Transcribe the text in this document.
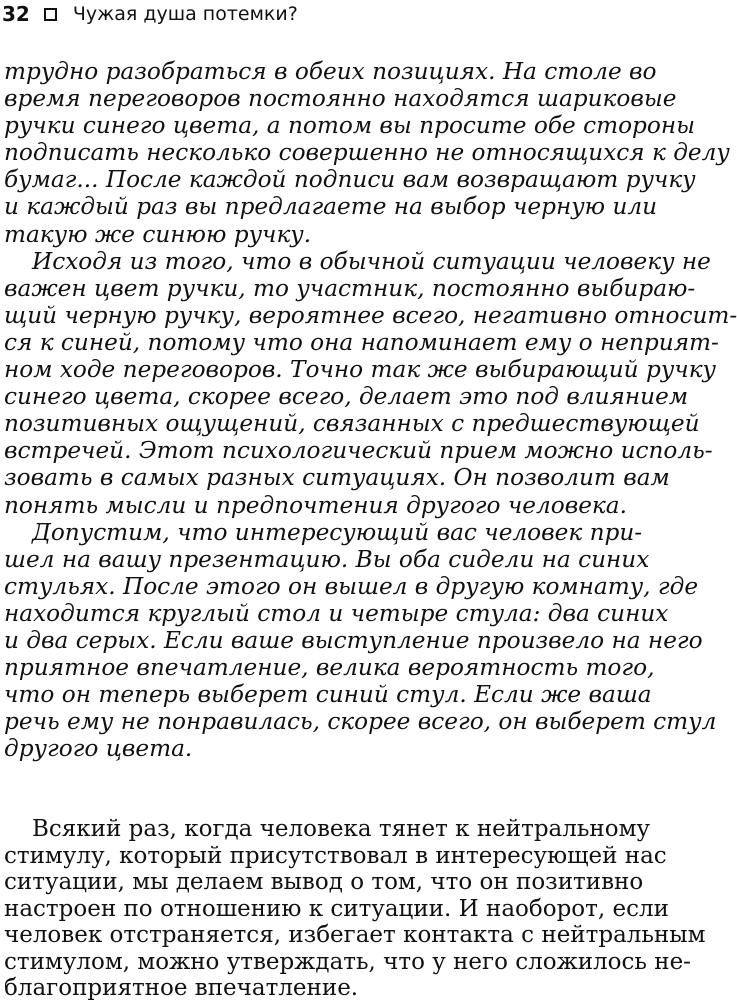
32 Чужая душа потемки?
трудно разобраться в обеих позициях. На столе во
время переговоров постоянно находятся шариковые
ручки синего цвета, а потом вы просите обе стороны
подписать несколько совершенно не относящихся к делу
бумаг... После каждой подписи вам возвращают ручку
и каждый раз вы предлагаете на выбор черную или
такую же синюю ручку.
Исходя из того, что в обычной ситуации человеку не
важен цвет ручки, то участник, постоянно выбираю-
щий черную ручку, вероятнее всего, негативно относит-
ся к синей, потому что она напоминает ему о неприят-
ном ходе переговоров. Точно так же выбирающий ручку
синего цвета, скорее всего, делает это под влиянием
позитивных ощущений, связанных с предшествующей
встречей. Этот психологический прием можно исполь-
зовать в самых разных ситуациях. Он позволит вам
понять мысли и предпочтения другого человека.
Допустим, что интересующий вас человек при-
шел на вашу презентацию. Вы оба сидели на синих
стульях. После этого он вышел в другую комнату, где
находится круглый стол и четыре стула: два синих
и два серых. Если ваше выступление произвело на него
приятное впечатление, велика вероятность того,
что он теперь выберет синий стул. Если же ваша
речь ему не понравилась, скорее всего, он выберет стул
другого цвета.
Всякий раз, когда человека тянет к нейтральному
стимулу, который присутствовал в интересующей нас
ситуации, мы делаем вывод о том, что он позитивно
настроен по отношению к ситуации. И наоборот, если
человек отстраняется, избегает контакта с нейтральным
стимулом, можно утверждать, что у него сложилось не-
благоприятное впечатление.
